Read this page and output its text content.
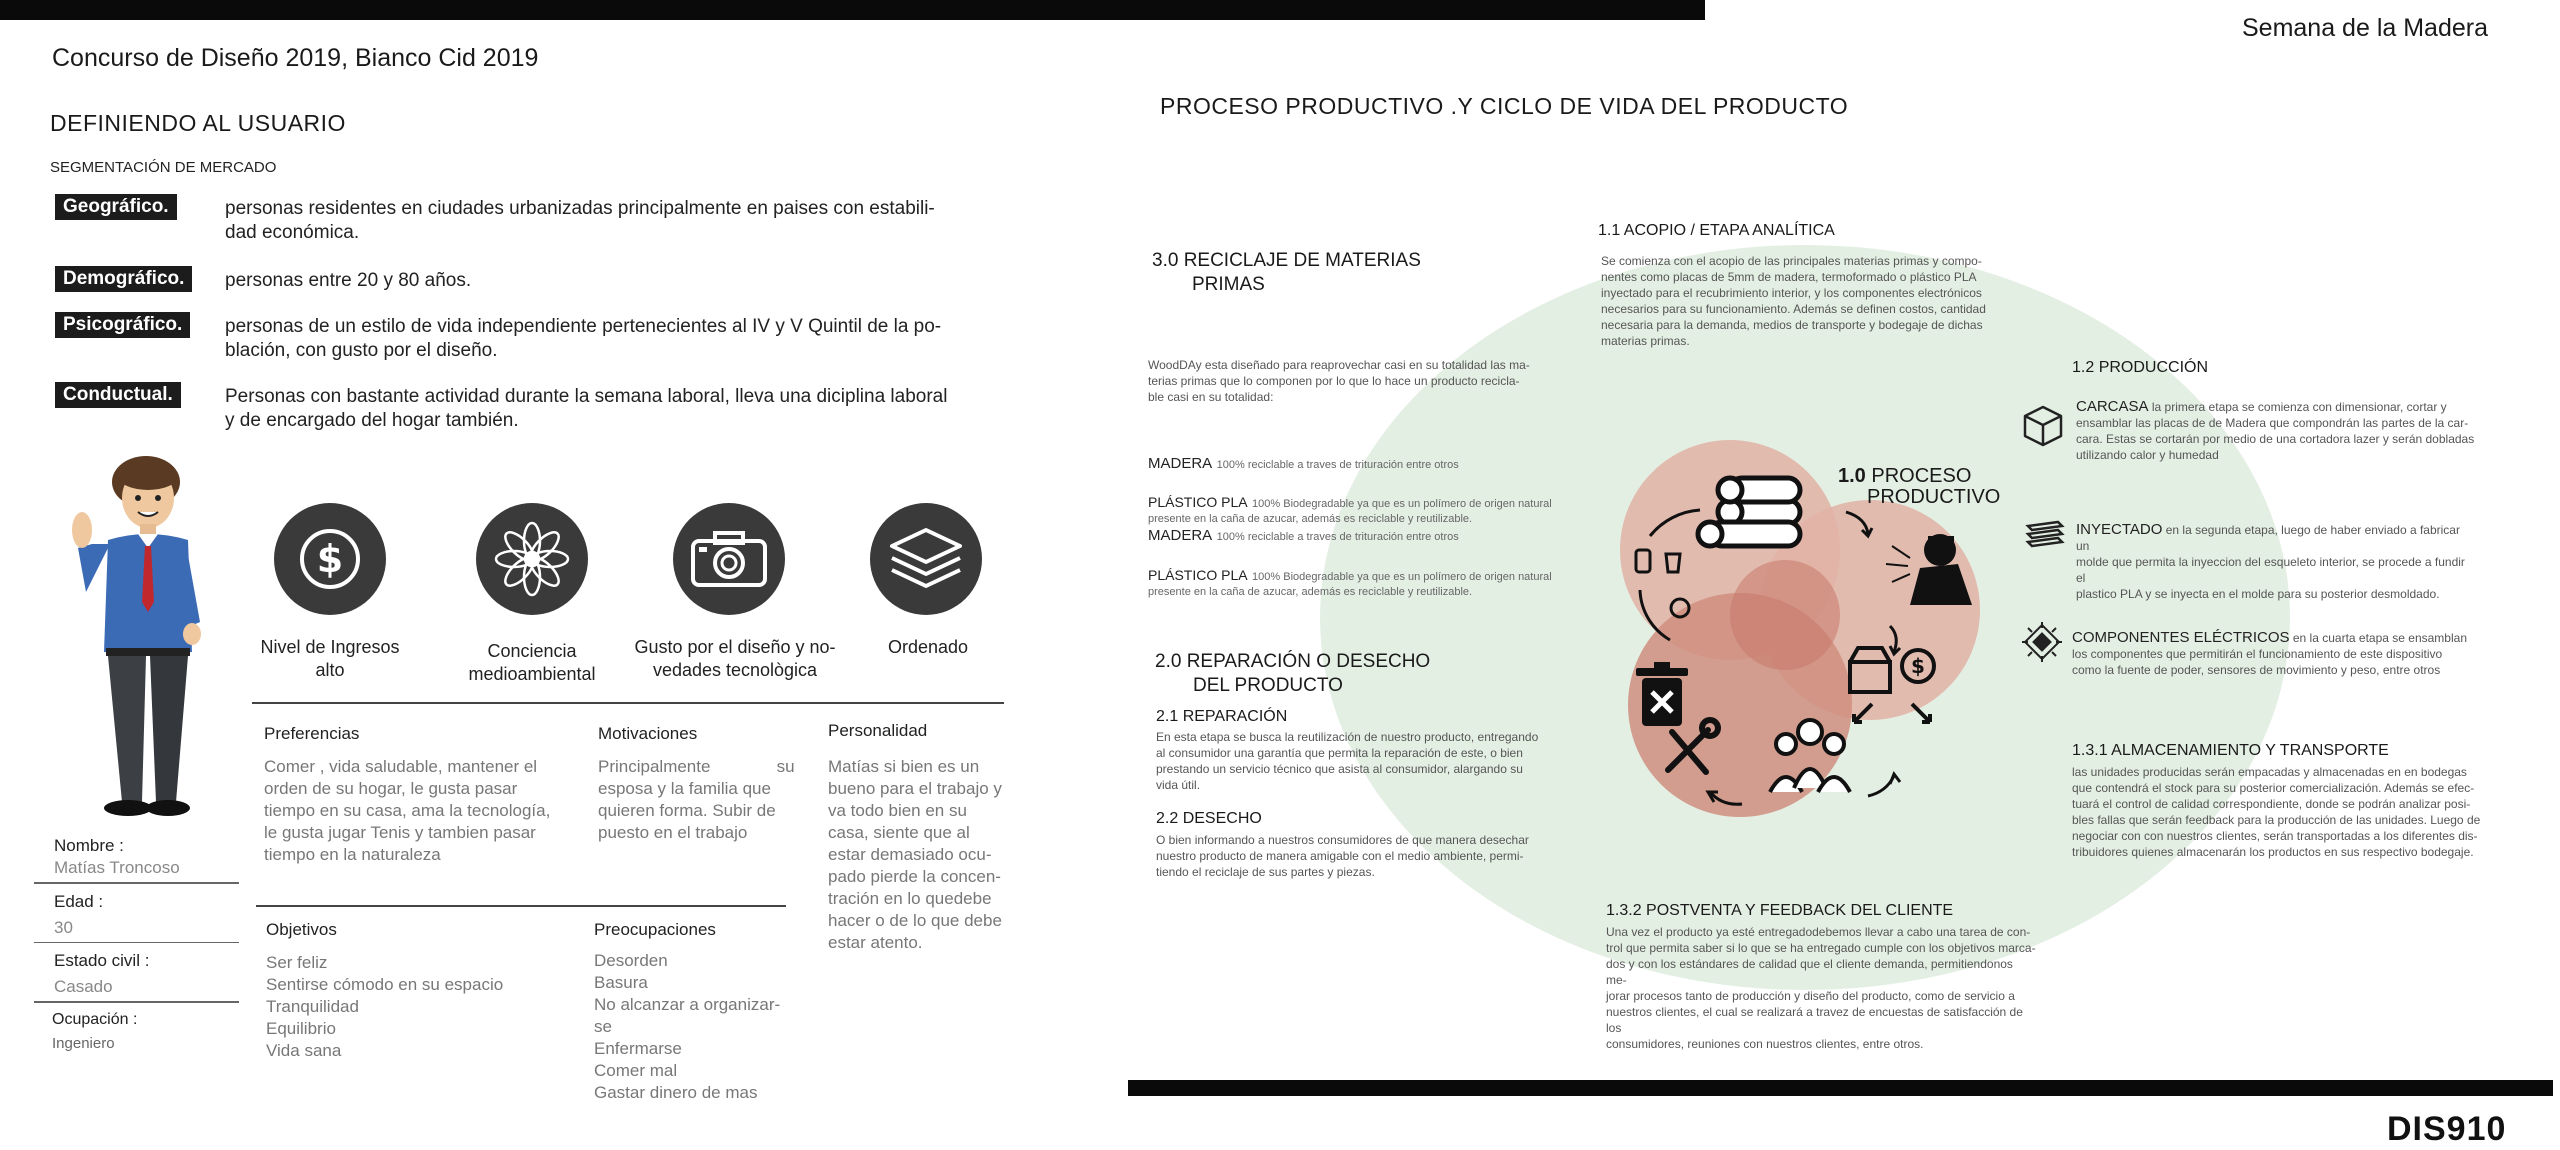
Concurso de Diseño 2019, Bianco Cid 2019
Semana de la Madera
DEFINIENDO AL USUARIO
SEGMENTACIÓN DE MERCADO
Geográfico.	personas residentes en ciudades urbanizadas principalmente en paises con estabili-
dad económica.
Demográfico.	personas entre 20 y 80 años.
Psicográfico.	personas de un estilo de vida independiente pertenecientes al IV y V Quintil de la po-
blación, con gusto por el diseño.
Conductual.	Personas con bastante actividad durante la semana laboral, lleva una diciplina laboral
y de encargado del hogar también.
Nombre :
Matías Troncoso
Edad :
30
Estado civil :
Casado
Ocupación :
Ingeniero
$
Nivel de Ingresos
alto
Conciencia
medioambiental
Gusto por el diseño y no-
vedades tecnològica
Ordenado
Preferencias
Comer , vida saludable, mantener el
orden de su hogar, le gusta pasar
tiempo en su casa, ama la tecnología,
le gusta jugar Tenis y tambien pasar
tiempo en la naturaleza
Motivaciones
Principalmente              su
esposa y la familia que
quieren forma. Subir de
puesto en el trabajo
Personalidad
Matías si bien es un
bueno para el trabajo y
va todo bien en su
casa, siente que al
estar demasiado ocu-
pado pierde la concen-
tración en lo quedebe
hacer o de lo que debe
estar atento.
Objetivos
Ser feliz
Sentirse cómodo en su espacio
Tranquilidad
Equilibrio
Vida sana
Preocupaciones
Desorden
Basura
No alcanzar a organizar-
se
Enfermarse
Comer mal
Gastar dinero de mas
PROCESO PRODUCTIVO .Y CICLO DE VIDA DEL PRODUCTO
$
1.0 PROCESO
PRODUCTIVO
1.1 ACOPIO / ETAPA ANALÍTICA
Se comienza con el acopio de las principales materias primas y compo-
nentes como placas de 5mm de madera, termoformado o plástico PLA
inyectado para el recubrimiento interior, y los componentes electrónicos
necesarios para su funcionamiento. Además se definen costos, cantidad
necesaria para la demanda, medios de transporte y bodegaje de dichas
materias primas.
3.0 RECICLAJE DE MATERIAS
PRIMAS
WoodDAy esta diseñado para reaprovechar casi en su totalidad las ma-
terias primas que lo componen por lo que lo hace un producto recicla-
ble casi en su totalidad:
MADERA 100% reciclable a traves de trituración entre otros
PLÁSTICO PLA 100% Biodegradable ya que es un polímero de origen natural
presente en la caña de azucar, además es reciclable y reutilizable.
MADERA 100% reciclable a traves de trituración entre otros
PLÁSTICO PLA 100% Biodegradable ya que es un polímero de origen natural
presente en la caña de azucar, además es reciclable y reutilizable.
1.2 PRODUCCIÓN
CARCASA la primera etapa se comienza con dimensionar, cortar y
ensamblar las placas de de Madera que compondrán las partes de la car-
cara. Estas se cortarán por medio de una cortadora lazer y serán dobladas
utilizando calor y humedad
INYECTADO en la segunda etapa, luego de haber enviado a fabricar un
molde que permita la inyeccion del esqueleto interior, se procede a fundir el
plastico PLA y se inyecta en el molde para su posterior desmoldado.
COMPONENTES ELÉCTRICOS en la cuarta etapa se ensamblan
los componentes que permitirán el funcionamiento de este dispositivo
como la fuente de poder, sensores de movimiento y peso, entre otros
1.3.1 ALMACENAMIENTO Y TRANSPORTE
las unidades producidas serán empacadas y almacenadas en en bodegas
que contendrá el stock para su posterior comercialización. Además se efec-
tuará el control de calidad correspondiente, donde se podrán analizar posi-
bles fallas que serán feedback para la producción de las unidades. Luego de
negociar con con nuestros clientes, serán transportadas a los diferentes dis-
tribuidores quienes almacenarán los productos en sus respectivo bodegaje.
2.0 REPARACIÓN O DESECHO
DEL PRODUCTO
2.1 REPARACIÓN
En esta etapa se busca la reutilización de nuestro producto, entregando
al consumidor una garantía que permita la reparación de este, o bien
prestando un servicio técnico que asista al consumidor, alargando su
vida útil.
2.2 DESECHO
O bien informando a nuestros consumidores de que manera desechar
nuestro producto de manera amigable con el medio ambiente, permi-
tiendo el reciclaje de sus partes y piezas.
1.3.2 POSTVENTA Y FEEDBACK DEL CLIENTE
Una vez el producto ya esté entregadodebemos llevar a cabo una tarea de con-
trol que permita saber si lo que se ha entregado cumple con los objetivos marca-
dos y con los estándares de calidad que el cliente demanda, permitiendonos me-
jorar procesos tanto de producción y diseño del producto, como de servicio a
nuestros clientes, el cual se realizará a travez de encuestas de satisfacción de los
consumidores, reuniones con nuestros clientes, entre otros.
DIS910
